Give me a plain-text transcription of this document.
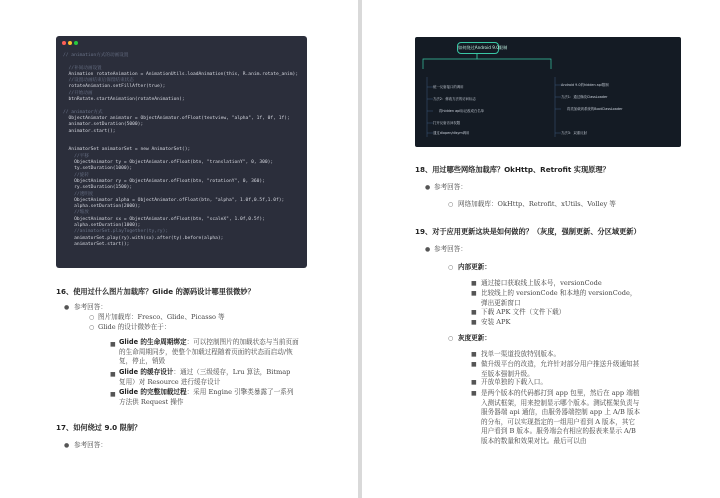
// animation方式的动画设置

//补间动画设置
Animation rotateAnimation = AnimationUtils.loadAnimation(this, R.anim.rotate_anim);
//设置动画结束后保留结束状态
rotateAnimation.setFillAfter(true);
//开始动画
btnRotate.startAnimation(rotateAnimation);

// animator方式
ObjectAnimator animator = ObjectAnimator.ofFloat(textview, "alpha", 1f, 0f, 1f);
animator.setDuration(5000);
animator.start();

AnimatorSet animatorSet = new AnimatorSet();
//平移
ObjectAnimator ty = ObjectAnimator.ofFloat(btn, "translationY", 0, 300);
ty.setDuration(1000);
//旋转
ObjectAnimator ry = ObjectAnimator.ofFloat(btn, "rotationY", 0, 360);
ry.setDuration(1500);
//透明度
ObjectAnimator alpha = ObjectAnimator.ofFloat(btn, "alpha", 1.0f,0.5f,1.0f);
alpha.setDuration(2000);
//缩放
ObjectAnimator sx = ObjectAnimator.ofFloat(btn, "scaleX", 1.0f,0.5f);
alpha.setDuration(1000);
//animatorSet.playTogether(ty,ry);
animatorSet.play(ry).with(sx).after(ty).before(alpha);
animatorSet.start();
16、使用过什么图片加载库？Glide 的源码设计哪里很微妙？
● 参考回答：
○ 图片加载库：Fresco、Glide、Picasso 等
○ Glide 的设计微妙在于：
■ Glide 的生命周期绑定：可以控制图片的加载状态与当前页面的生命周期同步，使整个加载过程随着页面的状态而启动/恢复，停止，销毁
■ Glide 的缓存设计：通过（三级缓存，Lru 算法，Bitmap 复用）对 Resource 进行缓存设计
■ Glide 的完整加载过程：采用 Engine 引擎类暴露了一系列方法供 Request 操作
17、如何绕过 9.0 限制？
● 参考回答：
如何绕过Android 9.0限制
统一反射接口的调用
方法2：修改方法的访问标志
将hidden api标记改成白名单
打开反射访问权限
通过dlopen/dlsym调用
Android 9.0的hidden api限制
方法1：通过修改ClassLoader
将类加载到系统的BootClassLoader
方法3：双重反射
18、用过哪些网络加载库？OkHttp、Retrofit 实现原理？
● 参考回答：
○ 网络加载库：OkHttp、Retrofit、xUtils、Volley 等
19、对于应用更新这块是如何做的？（灰度，强制更新、分区域更新）
● 参考回答：
○ 内部更新：
■ 通过接口获取线上版本号，versionCode
■ 比较线上的 versionCode 和本地的 versionCode，弹出更新窗口
■ 下载 APK 文件（文件下载）
■ 安装 APK
○ 灰度更新：
■ 找单一渠道投放特别版本。
■ 做升级平台的改造，允许针对部分用户推送升级通知甚至版本强制升级。
■ 开放单独的下载入口。
■ 是两个版本的代码都打到 app 包里，然后在 app 端植入测试框架，用来控制显示哪个版本。测试框架负责与服务器端 api 通信，由服务器端控制 app 上 A/B 版本的分布，可以实现指定的一组用户看到 A 版本，其它用户看到 B 版本。服务端会有相应的报表来显示 A/B 版本的数量和效果对比。最后可以由
